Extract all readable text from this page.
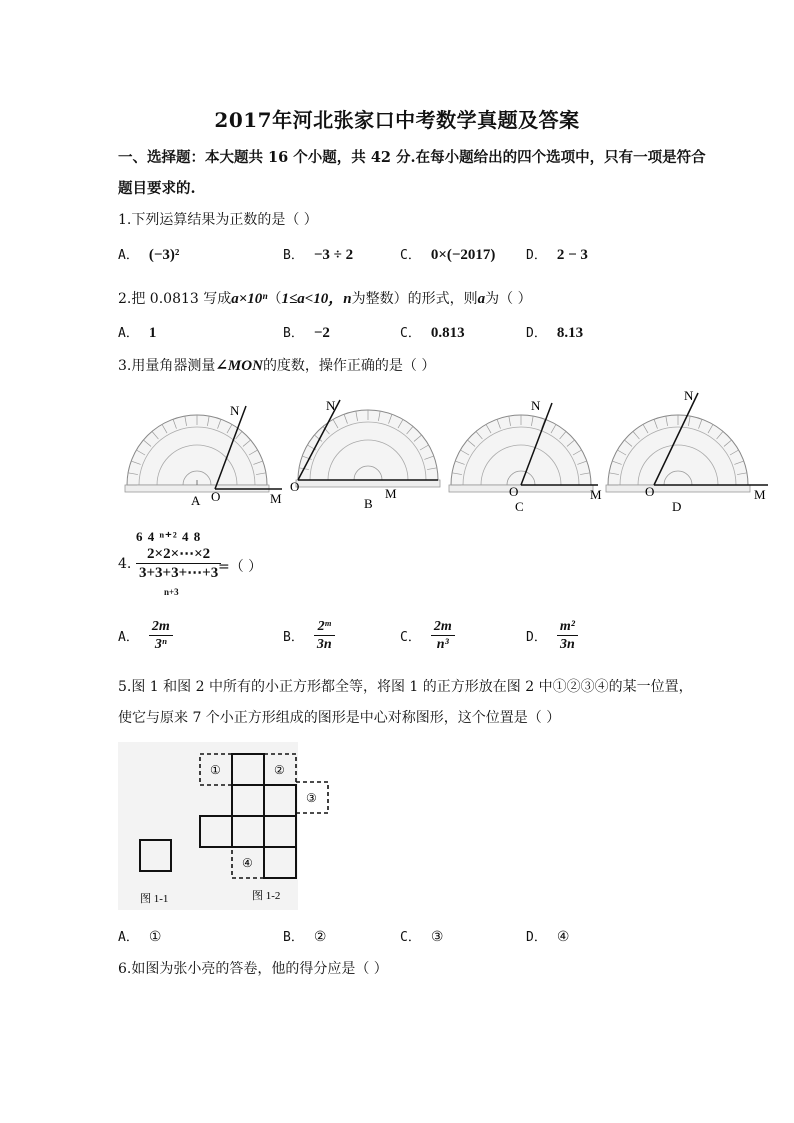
2017年河北张家口中考数学真题及答案
一、选择题：本大题共 16 个小题，共 42 分.在每小题给出的四个选项中，只有一项是符合
题目要求的.
1.下列运算结果为正数的是（ ）
A． (−3)²	B． −3 ÷ 2	C． 0×(−2017) D． 2 − 3
2.把 0.0813 写成a×10ⁿ（1≤a<10，n为整数）的形式，则a为（ ）
A． 1	B． −2	C． 0.813	D． 8.13
3.用量角器测量∠MON的度数，操作正确的是（ ）
A O	M
N
O
B
M
N
O
C
M
N
O
D
M
N
4.
6 4 ⁿ⁺² 4 8
$\frac{2\times 2\times\cdots\times 2}{3+3+3+\cdots+3}$
n+3
=（ ）
A． $\frac{2m}{\text{3ⁿ}}$	B． $\frac{\text{2ᵐ}}{3n}$	C． $\frac{2m}{\text{n³}}$	D． $\frac{\text{m²}}{3n}$
5.图 1 和图 2 中所有的小正方形都全等，将图 1 的正方形放在图 2 中①②③④的某一位置，
使它与原来 7 个小正方形组成的图形是中心对称图形，这个位置是（ ）
图 1-1
①	②
③
④
图 1-2
A． ①	B． ②	C． ③	D． ④
6.如图为张小亮的答卷，他的得分应是（ ）
